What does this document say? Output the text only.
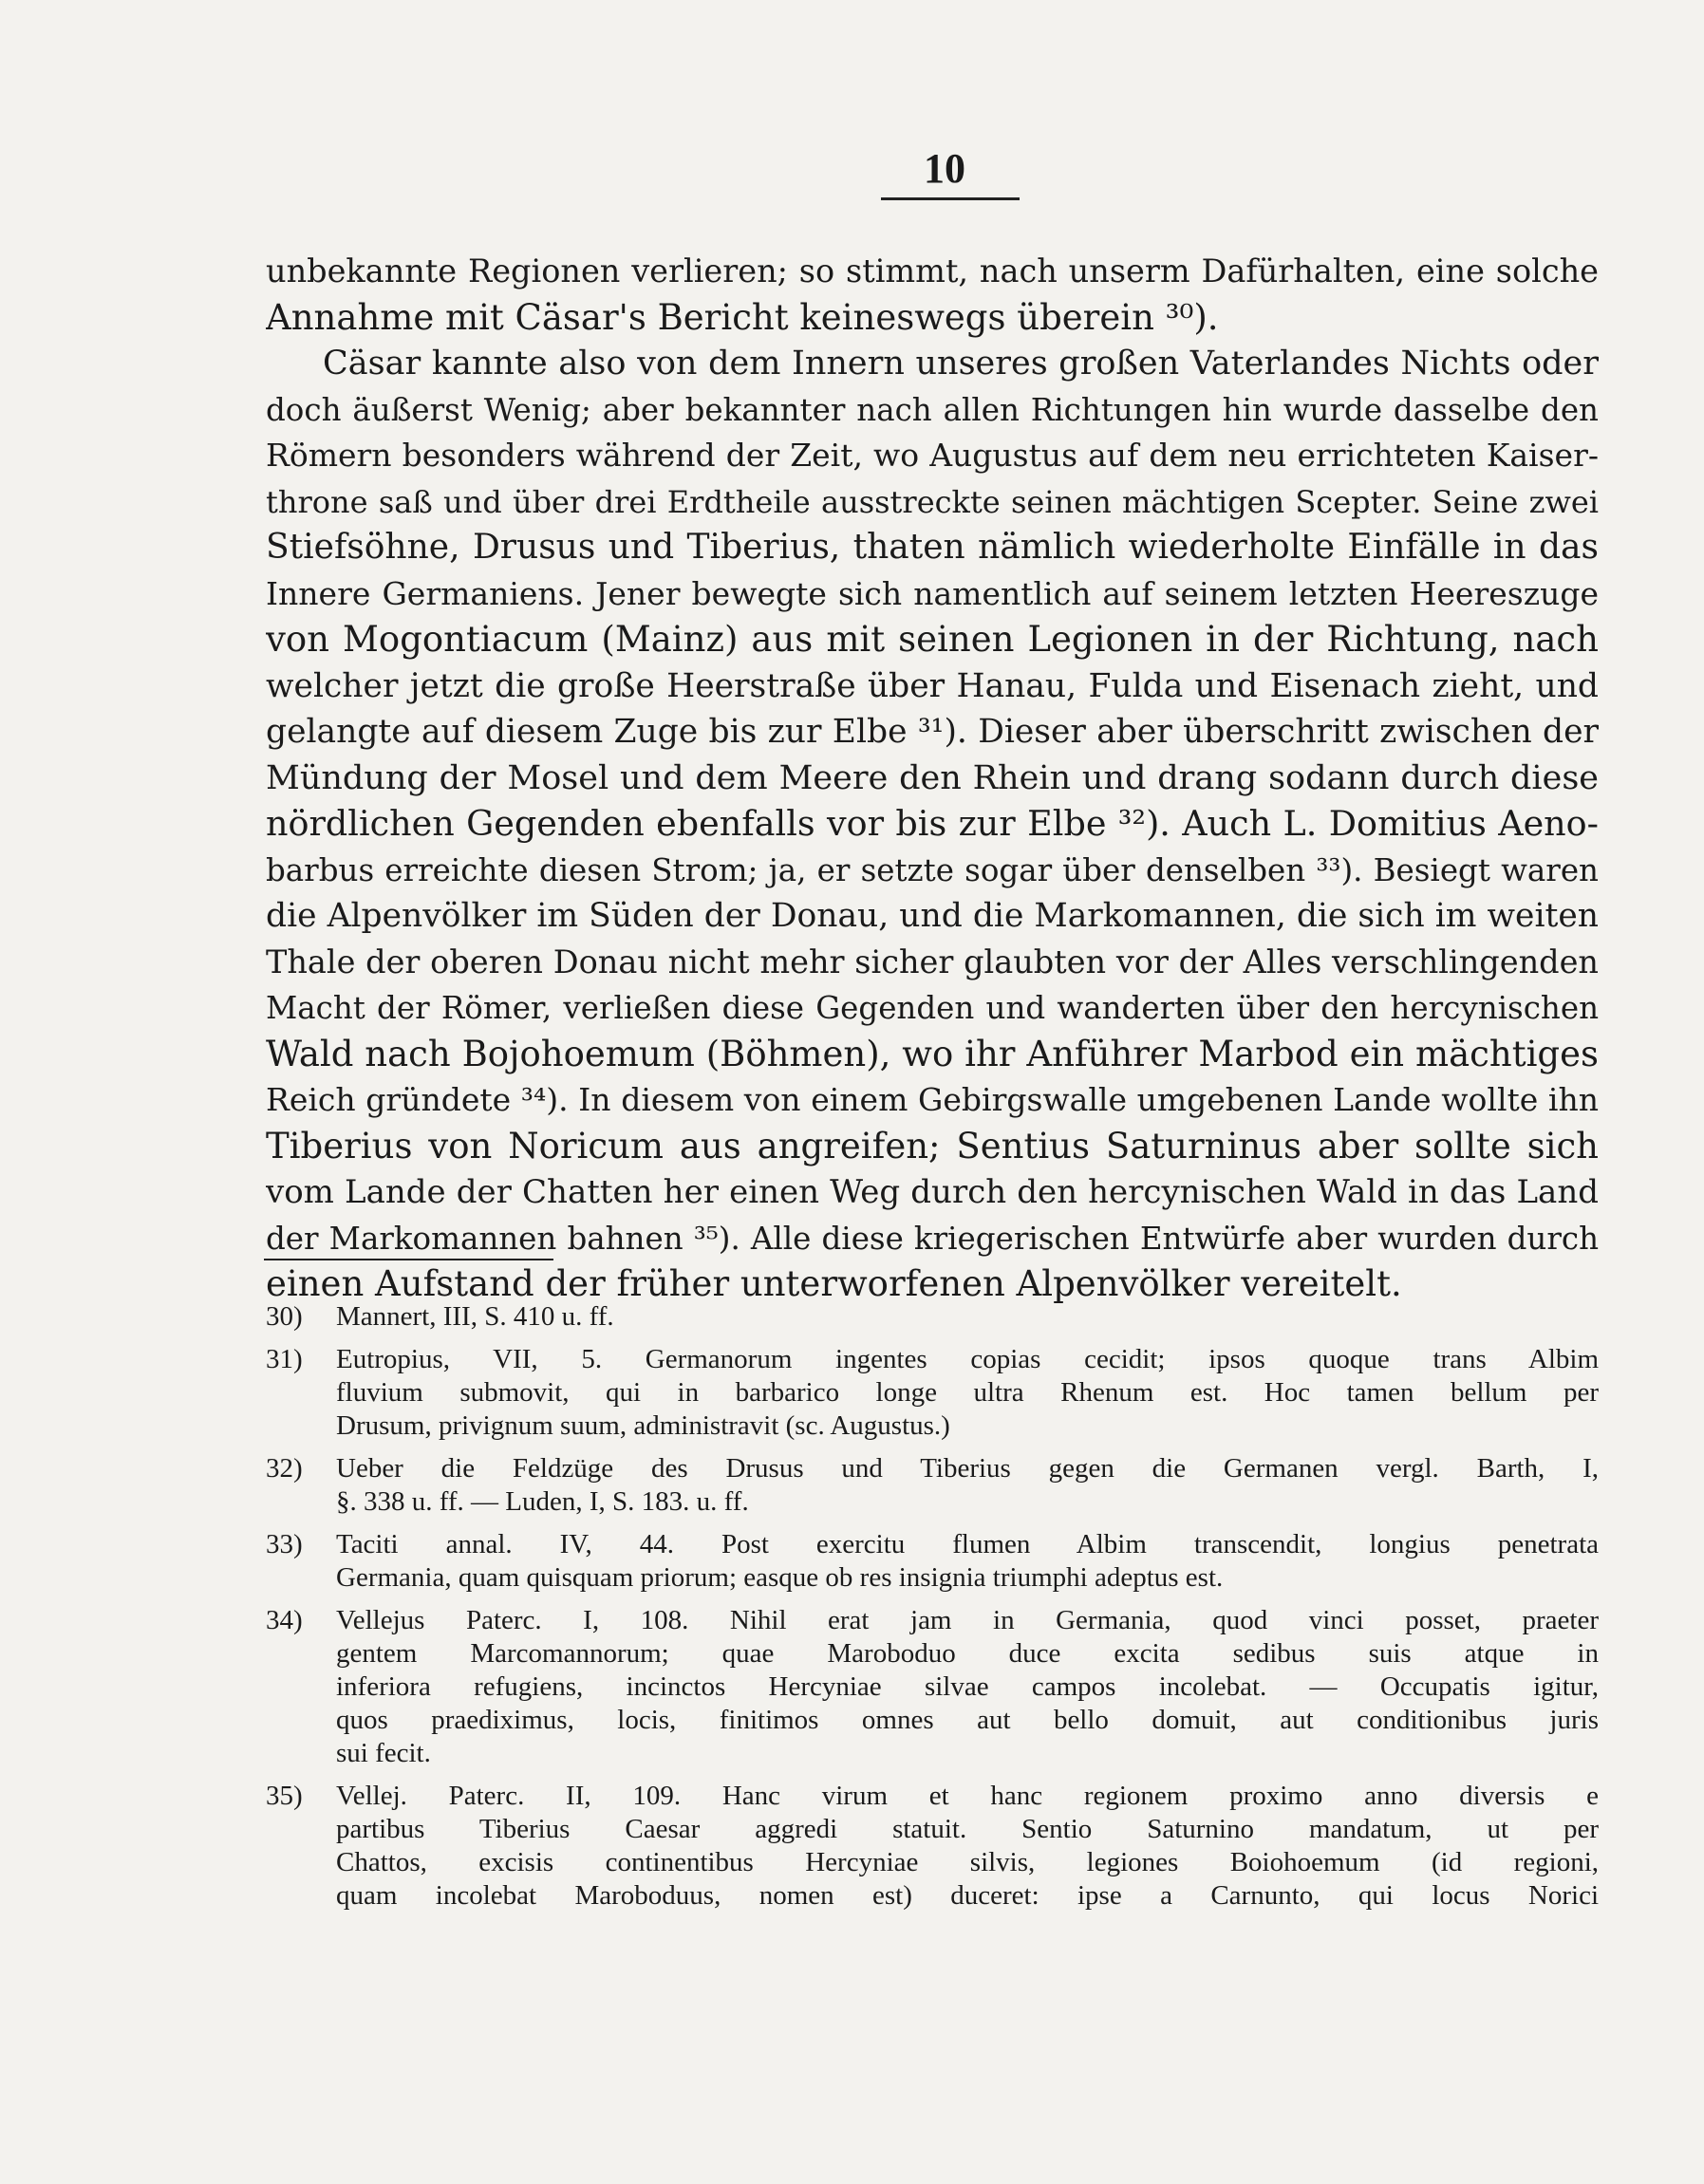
10
unbekannte Regionen verlieren; so stimmt, nach unserm Dafürhalten, eine solche
Annahme mit Cäsar's Bericht keineswegs überein ³⁰).
Cäsar kannte also von dem Innern unseres großen Vaterlandes Nichts oder
doch äußerst Wenig; aber bekannter nach allen Richtungen hin wurde dasselbe den
Römern besonders während der Zeit, wo Augustus auf dem neu errichteten Kaiser-
throne saß und über drei Erdtheile ausstreckte seinen mächtigen Scepter. Seine zwei
Stiefsöhne, Drusus und Tiberius, thaten nämlich wiederholte Einfälle in das
Innere Germaniens. Jener bewegte sich namentlich auf seinem letzten Heereszuge
von Mogontiacum (Mainz) aus mit seinen Legionen in der Richtung, nach
welcher jetzt die große Heerstraße über Hanau, Fulda und Eisenach zieht, und
gelangte auf diesem Zuge bis zur Elbe ³¹). Dieser aber überschritt zwischen der
Mündung der Mosel und dem Meere den Rhein und drang sodann durch diese
nördlichen Gegenden ebenfalls vor bis zur Elbe ³²). Auch L. Domitius Aeno-
barbus erreichte diesen Strom; ja, er setzte sogar über denselben ³³). Besiegt waren
die Alpenvölker im Süden der Donau, und die Markomannen, die sich im weiten
Thale der oberen Donau nicht mehr sicher glaubten vor der Alles verschlingenden
Macht der Römer, verließen diese Gegenden und wanderten über den hercynischen
Wald nach Bojohoemum (Böhmen), wo ihr Anführer Marbod ein mächtiges
Reich gründete ³⁴). In diesem von einem Gebirgswalle umgebenen Lande wollte ihn
Tiberius von Noricum aus angreifen; Sentius Saturninus aber sollte sich
vom Lande der Chatten her einen Weg durch den hercynischen Wald in das Land
der Markomannen bahnen ³⁵). Alle diese kriegerischen Entwürfe aber wurden durch
einen Aufstand der früher unterworfenen Alpenvölker vereitelt.
30)	Mannert, III, S. 410 u. ff.
31)	Eutropius, VII, 5. Germanorum ingentes copias cecidit; ipsos quoque trans Albim
fluvium submovit, qui in barbarico longe ultra Rhenum est. Hoc tamen bellum per
Drusum, privignum suum, administravit (sc. Augustus.)
32)	Ueber die Feldzüge des Drusus und Tiberius gegen die Germanen vergl. Barth, I,
§. 338 u. ff. — Luden, I, S. 183. u. ff.
33)	Taciti annal. IV, 44. Post exercitu flumen Albim transcendit, longius penetrata
Germania, quam quisquam priorum; easque ob res insignia triumphi adeptus est.
34)	Vellejus Paterc. I, 108. Nihil erat jam in Germania, quod vinci posset, praeter
gentem Marcomannorum; quae Maroboduo duce excita sedibus suis atque in
inferiora refugiens, incinctos Hercyniae silvae campos incolebat. — Occupatis igitur,
quos praediximus, locis, finitimos omnes aut bello domuit, aut conditionibus juris
sui fecit.
35)	Vellej. Paterc. II, 109. Hanc virum et hanc regionem proximo anno diversis e
partibus Tiberius Caesar aggredi statuit. Sentio Saturnino mandatum, ut per
Chattos, excisis continentibus Hercyniae silvis, legiones Boiohoemum (id regioni,
quam incolebat Maroboduus, nomen est) duceret: ipse a Carnunto, qui locus Norici
